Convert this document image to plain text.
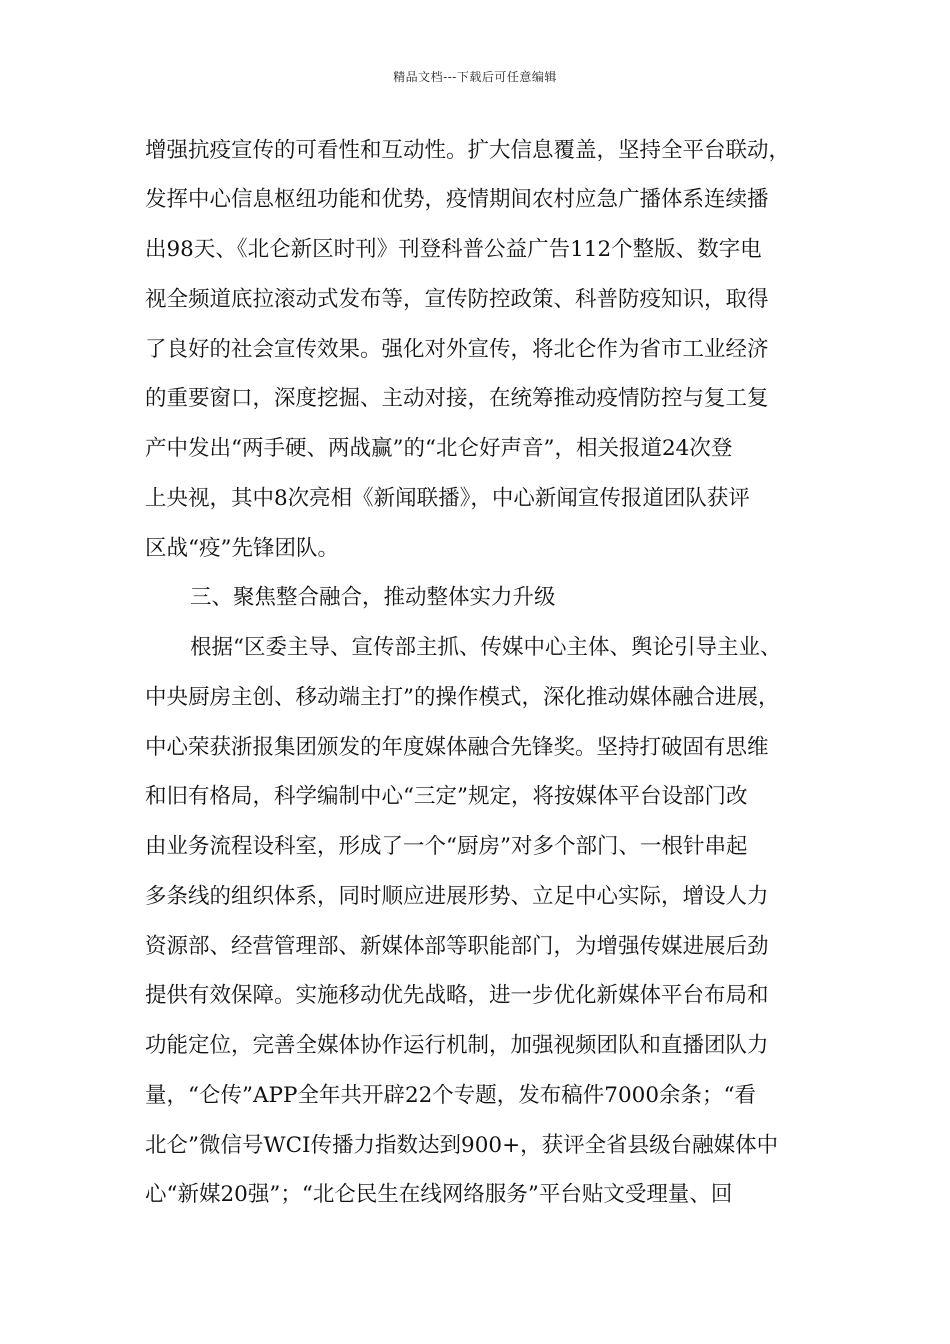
精品文档---下载后可任意编辑
增强抗疫宣传的可看性和互动性。扩大信息覆盖，坚持全平台联动，
发挥中心信息枢纽功能和优势，疫情期间农村应急广播体系连续播
出98天、《北仑新区时刊》刊登科普公益广告112个整版、数字电
视全频道底拉滚动式发布等，宣传防控政策、科普防疫知识，取得
了良好的社会宣传效果。强化对外宣传，将北仑作为省市工业经济
的重要窗口，深度挖掘、主动对接，在统筹推动疫情防控与复工复
产中发出“两手硬、两战赢”的“北仑好声音”，相关报道24次登
上央视，其中8次亮相《新闻联播》，中心新闻宣传报道团队获评
区战“疫”先锋团队。
三、聚焦整合融合，推动整体实力升级
根据“区委主导、宣传部主抓、传媒中心主体、舆论引导主业、
中央厨房主创、移动端主打”的操作模式，深化推动媒体融合进展，
中心荣获浙报集团颁发的年度媒体融合先锋奖。坚持打破固有思维
和旧有格局，科学编制中心“三定”规定，将按媒体平台设部门改
由业务流程设科室，形成了一个“厨房”对多个部门、一根针串起
多条线的组织体系，同时顺应进展形势、立足中心实际，增设人力
资源部、经营管理部、新媒体部等职能部门，为增强传媒进展后劲
提供有效保障。实施移动优先战略，进一步优化新媒体平台布局和
功能定位，完善全媒体协作运行机制，加强视频团队和直播团队力
量，“仑传”APP全年共开辟22个专题，发布稿件7000余条；“看
北仑”微信号WCI传播力指数达到900+，获评全省县级台融媒体中
心“新媒20强”；“北仑民生在线网络服务”平台贴文受理量、回
